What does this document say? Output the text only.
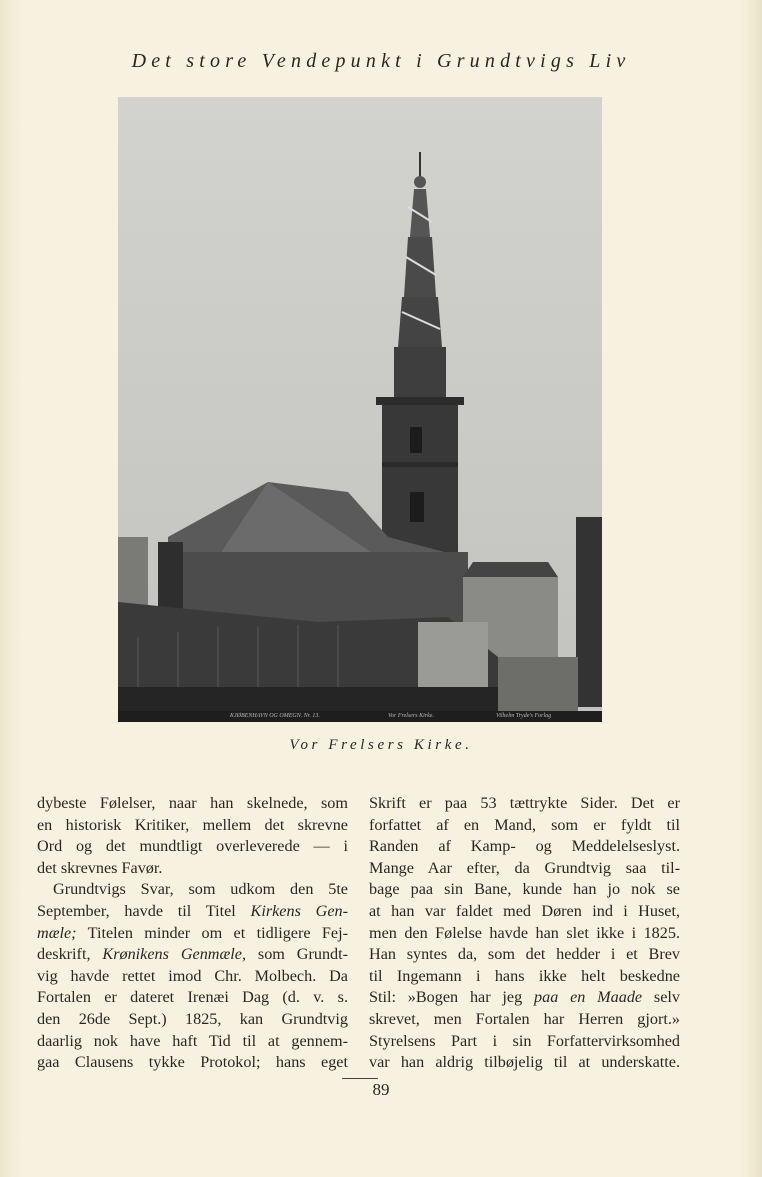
Det store Vendepunkt i Grundtvigs Liv
KJØBENHAVN OG OMEGN. Nr. 13.	Vor Frelsers Kirke.	Vilhelm Tryde's Forlag
Vor Frelsers Kirke.
dybeste Følelser, naar han skelnede, som
en historisk Kritiker, mellem det skrevne
Ord og det mundtligt overleverede — i
det skrevnes Favør.
Grundtvigs Svar, som udkom den 5te
September, havde til Titel Kirkens Gen-
mæle; Titelen minder om et tidligere Fej-
deskrift, Krønikens Genmæle, som Grundt-
vig havde rettet imod Chr. Molbech. Da
Fortalen er dateret Irenæi Dag (d. v. s.
den 26de Sept.) 1825, kan Grundtvig
daarlig nok have haft Tid til at gennem-
gaa Clausens tykke Protokol; hans eget
Skrift er paa 53 tættrykte Sider. Det er
forfattet af en Mand, som er fyldt til
Randen af Kamp- og Meddelelseslyst.
Mange Aar efter, da Grundtvig saa til-
bage paa sin Bane, kunde han jo nok se
at han var faldet med Døren ind i Huset,
men den Følelse havde han slet ikke i 1825.
Han syntes da, som det hedder i et Brev
til Ingemann i hans ikke helt beskedne
Stil: »Bogen har jeg paa en Maade selv
skrevet, men Fortalen har Herren gjort.»
Styrelsens Part i sin Forfattervirksomhed
var han aldrig tilbøjelig til at underskatte.
89
